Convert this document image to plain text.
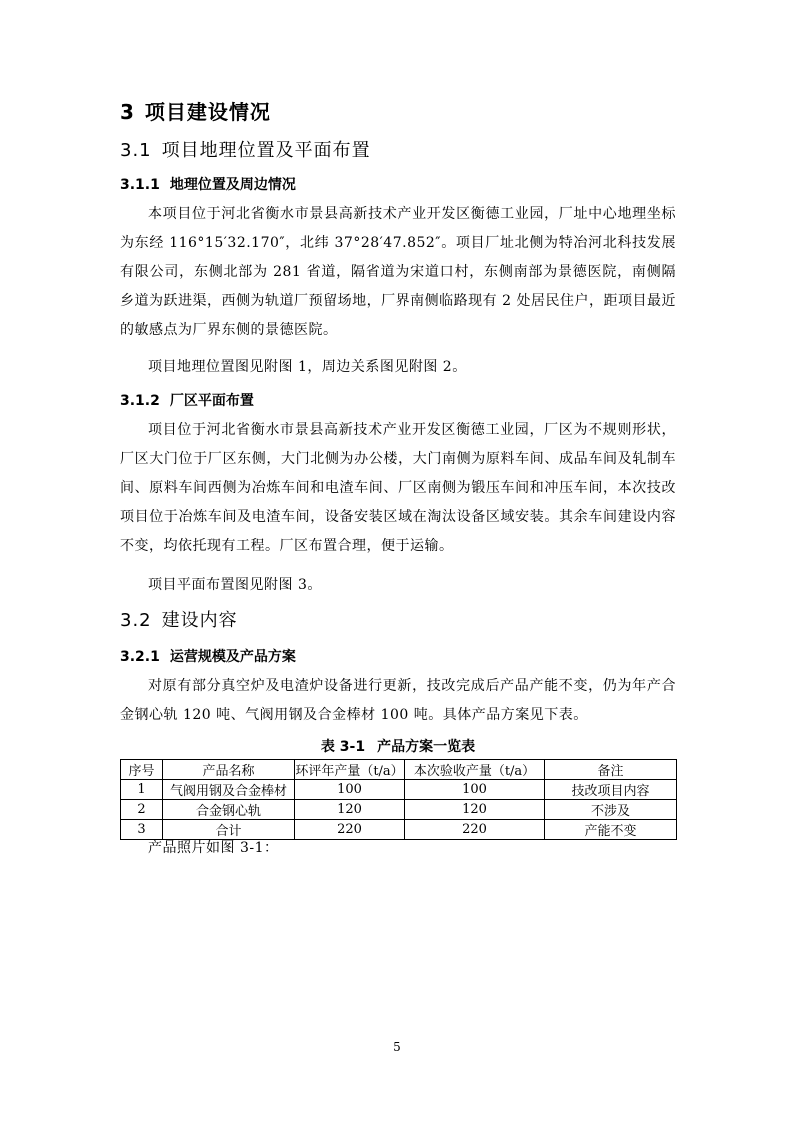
3 项目建设情况
3.1 项目地理位置及平面布置
3.1.1 地理位置及周边情况

本项目位于河北省衡水市景县高新技术产业开发区衡德工业园，厂址中心地理坐标为东经 116°15′32.170″，北纬 37°28′47.852″。项目厂址北侧为特冶河北科技发展有限公司，东侧北部为 281 省道，隔省道为宋道口村，东侧南部为景德医院，南侧隔乡道为跃进渠，西侧为轨道厂预留场地，厂界南侧临路现有 2 处居民住户，距项目最近的敏感点为厂界东侧的景德医院。

项目地理位置图见附图 1，周边关系图见附图 2。

3.1.2 厂区平面布置

项目位于河北省衡水市景县高新技术产业开发区衡德工业园，厂区为不规则形状，厂区大门位于厂区东侧，大门北侧为办公楼，大门南侧为原料车间、成品车间及轧制车间、原料车间西侧为冶炼车间和电渣车间、厂区南侧为锻压车间和冲压车间，本次技改项目位于冶炼车间及电渣车间，设备安装区域在淘汰设备区域安装。其余车间建设内容不变，均依托现有工程。厂区布置合理，便于运输。

项目平面布置图见附图 3。

3.2 建设内容
3.2.1 运营规模及产品方案

对原有部分真空炉及电渣炉设备进行更新，技改完成后产品产能不变，仍为年产合金钢心轨 120 吨、气阀用钢及合金棒材 100 吨。具体产品方案见下表。

表 3-1 产品方案一览表
序号	产品名称	环评年产量（t/a）	本次验收产量（t/a）	备注
1	气阀用钢及合金棒材	100	100	技改项目内容
2	合金钢心轨	120	120	不涉及
3	合计	220	220	产能不变

产品照片如图 3-1：

5
